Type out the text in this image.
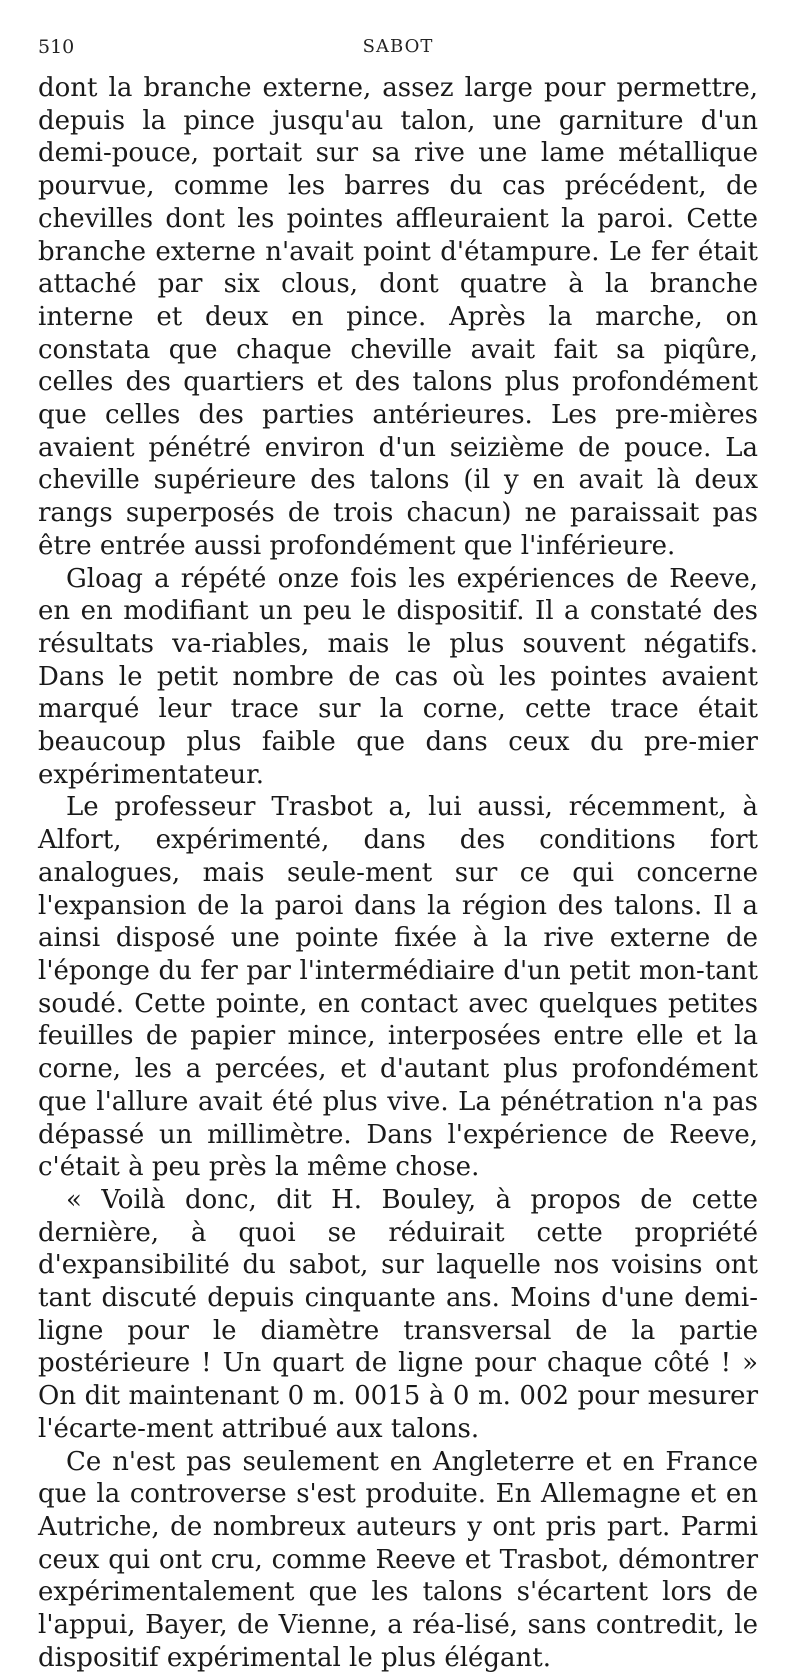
510	SABOT

dont la branche externe, assez large pour permettre, depuis la pince jusqu'au talon, une garniture d'un demi-pouce, portait sur sa rive une lame métallique pourvue, comme les barres du cas précédent, de chevilles dont les pointes affleuraient la paroi. Cette branche externe n'avait point d'étampure. Le fer était attaché par six clous, dont quatre à la branche interne et deux en pince. Après la marche, on constata que chaque cheville avait fait sa piqûre, celles des quartiers et des talons plus profondément que celles des parties antérieures. Les pre-mières avaient pénétré environ d'un seizième de pouce. La cheville supérieure des talons (il y en avait là deux rangs superposés de trois chacun) ne paraissait pas être entrée aussi profondément que l'inférieure.

Gloag a répété onze fois les expériences de Reeve, en en modifiant un peu le dispositif. Il a constaté des résultats va-riables, mais le plus souvent négatifs. Dans le petit nombre de cas où les pointes avaient marqué leur trace sur la corne, cette trace était beaucoup plus faible que dans ceux du pre-mier expérimentateur.

Le professeur Trasbot a, lui aussi, récemment, à Alfort, expérimenté, dans des conditions fort analogues, mais seule-ment sur ce qui concerne l'expansion de la paroi dans la région des talons. Il a ainsi disposé une pointe fixée à la rive externe de l'éponge du fer par l'intermédiaire d'un petit mon-tant soudé. Cette pointe, en contact avec quelques petites feuilles de papier mince, interposées entre elle et la corne, les a percées, et d'autant plus profondément que l'allure avait été plus vive. La pénétration n'a pas dépassé un millimètre. Dans l'expérience de Reeve, c'était à peu près la même chose.

« Voilà donc, dit H. Bouley, à propos de cette dernière, à quoi se réduirait cette propriété d'expansibilité du sabot, sur laquelle nos voisins ont tant discuté depuis cinquante ans. Moins d'une demi-ligne pour le diamètre transversal de la partie postérieure ! Un quart de ligne pour chaque côté ! » On dit maintenant 0 m. 0015 à 0 m. 002 pour mesurer l'écarte-ment attribué aux talons.

Ce n'est pas seulement en Angleterre et en France que la controverse s'est produite. En Allemagne et en Autriche, de nombreux auteurs y ont pris part. Parmi ceux qui ont cru, comme Reeve et Trasbot, démontrer expérimentalement que les talons s'écartent lors de l'appui, Bayer, de Vienne, a réa-lisé, sans contredit, le dispositif expérimental le plus élégant.
